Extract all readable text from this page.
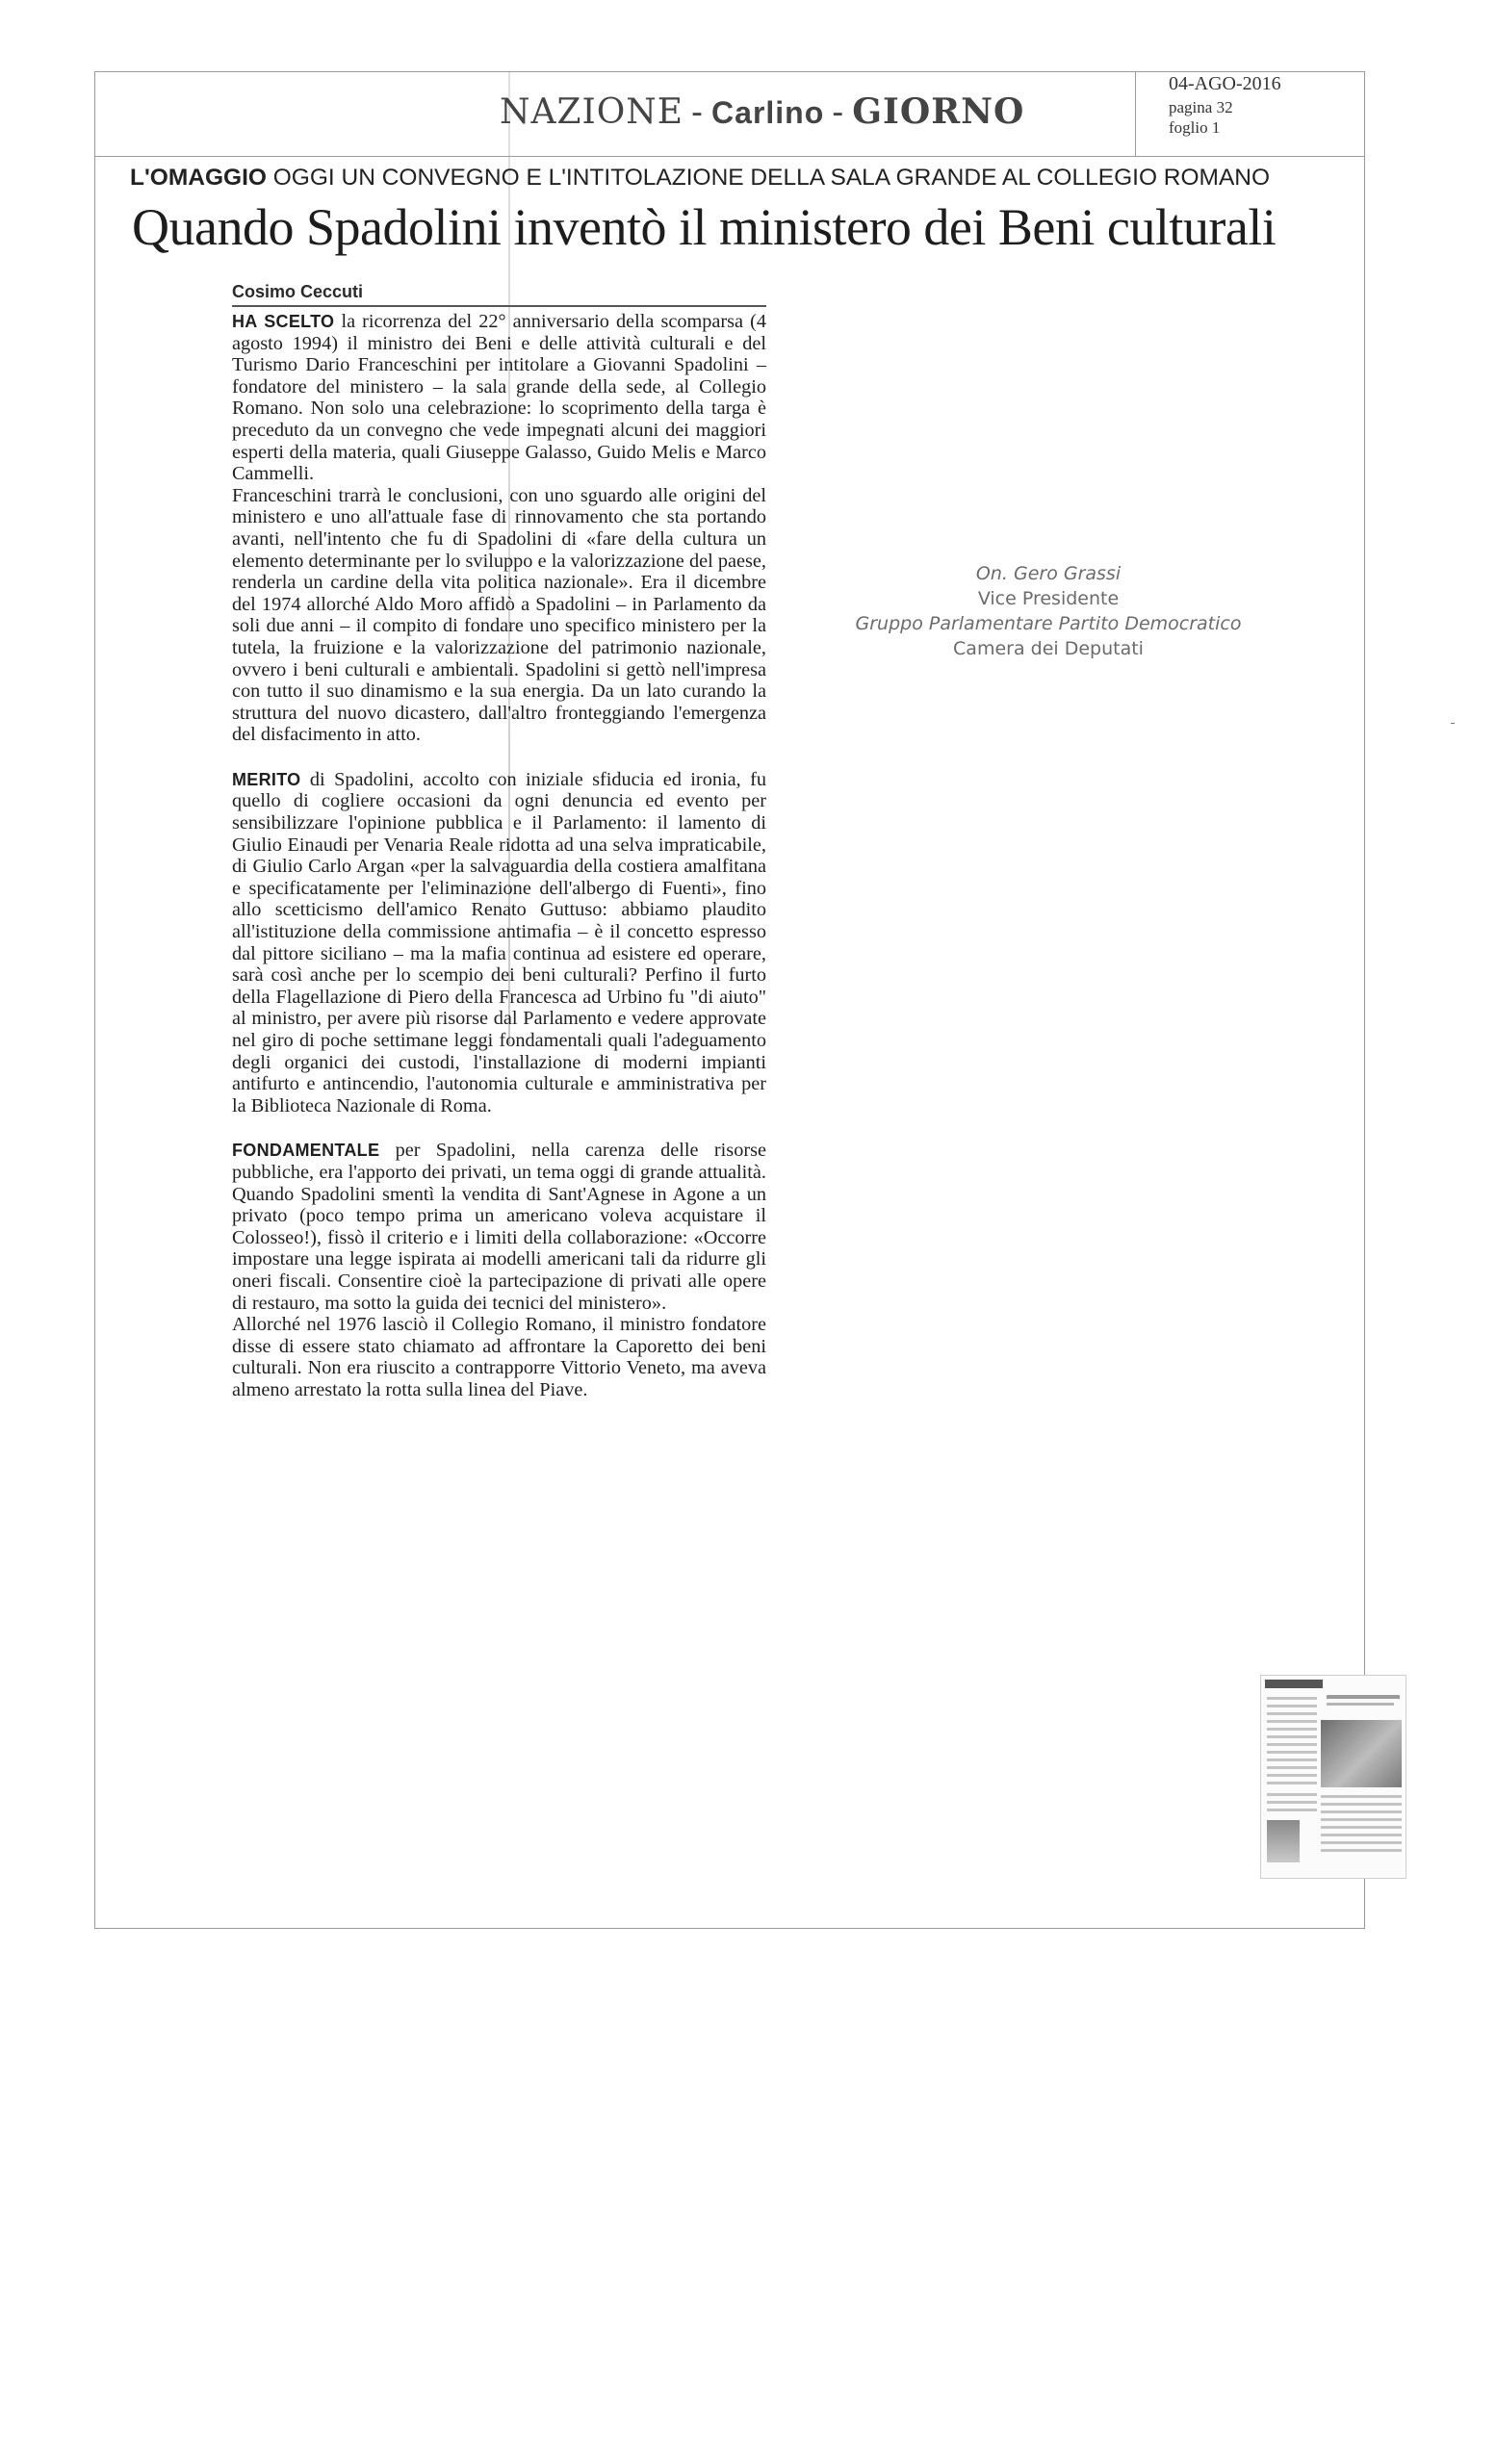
NAZIONE - Carlino - GIORNO
04-AGO-2016
pagina 32
foglio 1
L'OMAGGIO OGGI UN CONVEGNO E L'INTITOLAZIONE DELLA SALA GRANDE AL COLLEGIO ROMANO
Quando Spadolini inventò il ministero dei Beni culturali
Cosimo Ceccuti

HA SCELTO la ricorrenza del 22° anniversario della scomparsa (4 agosto 1994) il ministro dei Beni e delle attività culturali e del Turismo Dario Franceschini per intitolare a Giovanni Spadolini – fondatore del ministero – la sala grande della sede, al Collegio Romano. Non solo una celebrazione: lo scoprimento della targa è preceduto da un convegno che vede impegnati alcuni dei maggiori esperti della materia, quali Giuseppe Galasso, Guido Melis e Marco Cammelli.

Franceschini trarrà le conclusioni, con uno sguardo alle origini del ministero e uno all'attuale fase di rinnovamento che sta portando avanti, nell'intento che fu di Spadolini di «fare della cultura un elemento determinante per lo sviluppo e la valorizzazione del paese, renderla un cardine della vita politica nazionale». Era il dicembre del 1974 allorché Aldo Moro affidò a Spadolini – in Parlamento da soli due anni – il compito di fondare uno specifico ministero per la tutela, la fruizione e la valorizzazione del patrimonio nazionale, ovvero i beni culturali e ambientali. Spadolini si gettò nell'impresa con tutto il suo dinamismo e la sua energia. Da un lato curando la struttura del nuovo dicastero, dall'altro fronteggiando l'emergenza del disfacimento in atto.

MERITO di Spadolini, accolto con iniziale sfiducia ed ironia, fu quello di cogliere occasioni da ogni denuncia ed evento per sensibilizzare l'opinione pubblica e il Parlamento: il lamento di Giulio Einaudi per Venaria Reale ridotta ad una selva impraticabile, di Giulio Carlo Argan «per la salvaguardia della costiera amalfitana e specificatamente per l'eliminazione dell'albergo di Fuenti», fino allo scetticismo dell'amico Renato Guttuso: abbiamo plaudito all'istituzione della commissione antimafia – è il concetto espresso dal pittore siciliano – ma la mafia continua ad esistere ed operare, sarà così anche per lo scempio dei beni culturali? Perfino il furto della Flagellazione di Piero della Francesca ad Urbino fu "di aiuto" al ministro, per avere più risorse dal Parlamento e vedere approvate nel giro di poche settimane leggi fondamentali quali l'adeguamento degli organici dei custodi, l'installazione di moderni impianti antifurto e antincendio, l'autonomia culturale e amministrativa per la Biblioteca Nazionale di Roma.

FONDAMENTALE per Spadolini, nella carenza delle risorse pubbliche, era l'apporto dei privati, un tema oggi di grande attualità. Quando Spadolini smentì la vendita di Sant'Agnese in Agone a un privato (poco tempo prima un americano voleva acquistare il Colosseo!), fissò il criterio e i limiti della collaborazione: «Occorre impostare una legge ispirata ai modelli americani tali da ridurre gli oneri fiscali. Consentire cioè la partecipazione di privati alle opere di restauro, ma sotto la guida dei tecnici del ministero».

Allorché nel 1976 lasciò il Collegio Romano, il ministro fondatore disse di essere stato chiamato ad affrontare la Caporetto dei beni culturali. Non era riuscito a contrapporre Vittorio Veneto, ma aveva almeno arrestato la rotta sulla linea del Piave.

On. Gero Grassi
Vice Presidente
Gruppo Parlamentare Partito Democratico
Camera dei Deputati
